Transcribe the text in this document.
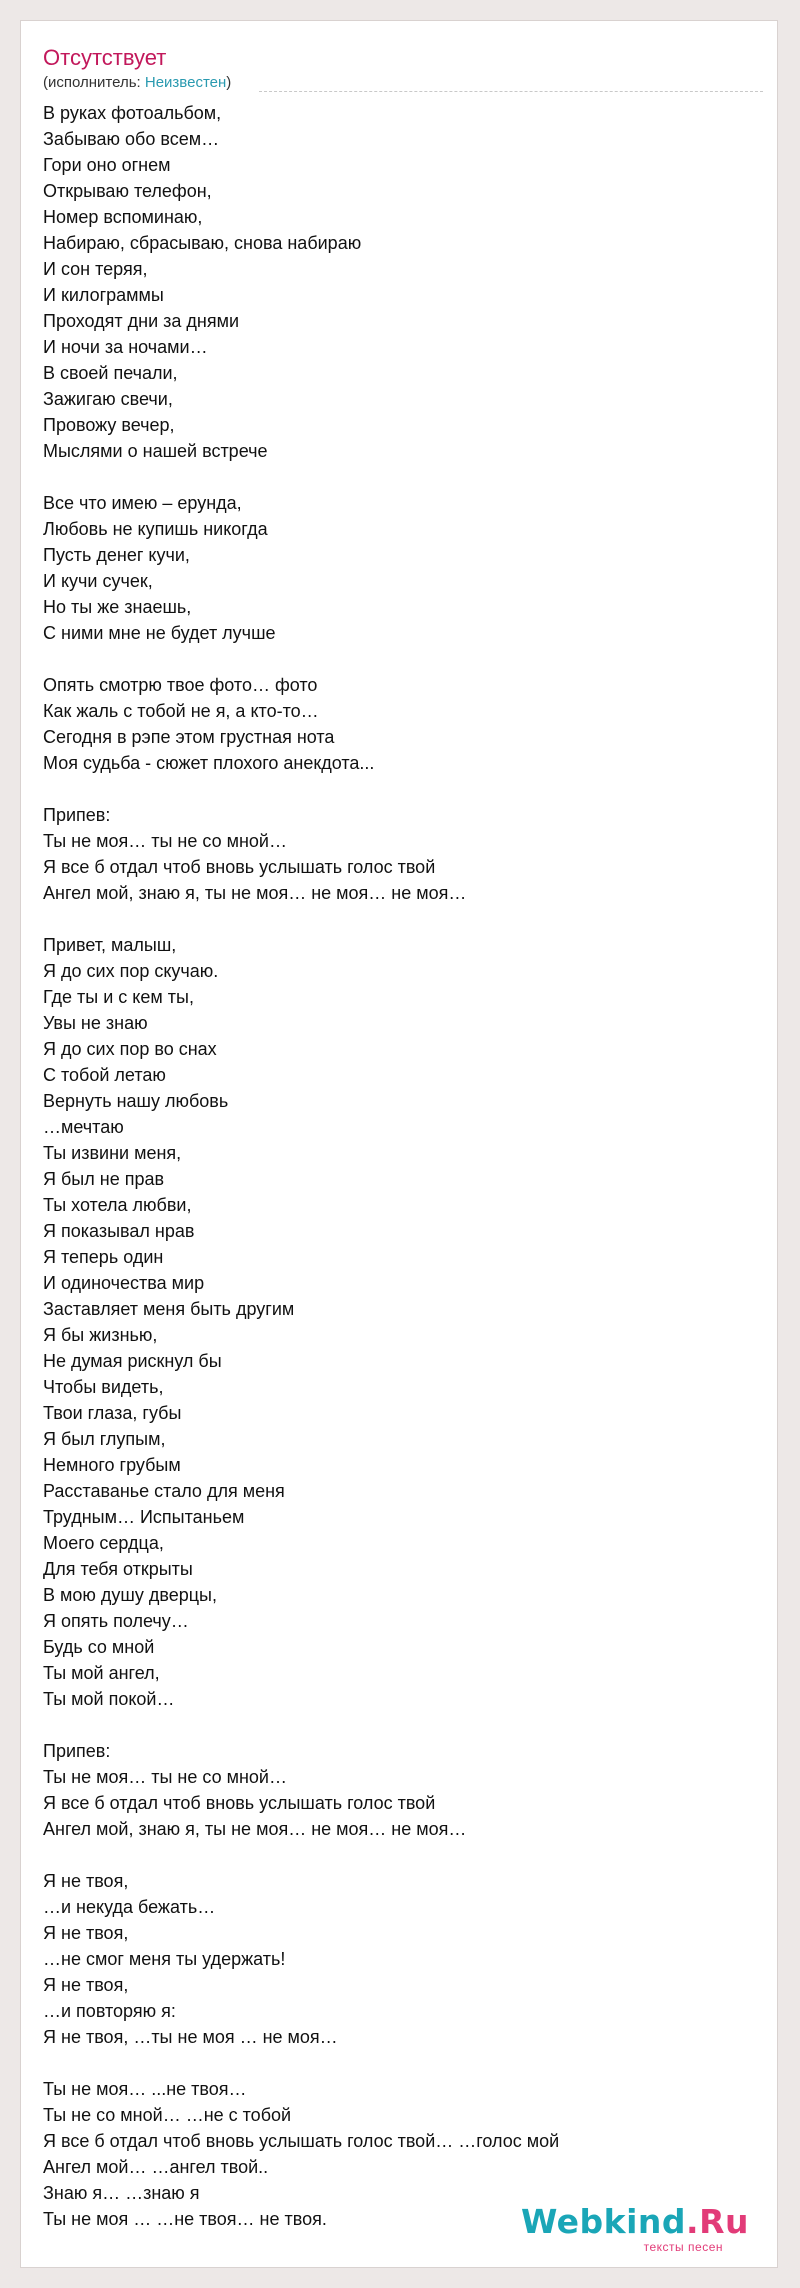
Отсутствует
(исполнитель: Неизвестен)
В руках фотоальбом,
Забываю обо всем…
Гори оно огнем
Открываю телефон,
Номер вспоминаю,
Набираю, сбрасываю, снова набираю
И сон теряя,
И килограммы
Проходят дни за днями
И ночи за ночами…
В своей печали,
Зажигаю свечи,
Провожу вечер,
Мыслями о нашей встрече
Все что имею – ерунда,
Любовь не купишь никогда
Пусть денег кучи,
И кучи сучек,
Но ты же знаешь,
С ними мне не будет лучше
Опять смотрю твое фото… фото
Как жаль с тобой не я, а кто-то…
Сегодня в рэпе этом грустная нота
Моя судьба - сюжет плохого анекдота...
Припев:
Ты не моя… ты не со мной…
Я все б отдал чтоб вновь услышать голос твой
Ангел мой, знаю я, ты не моя… не моя… не моя…
Привет, малыш,
Я до сих пор скучаю.
Где ты и с кем ты,
Увы не знаю
Я до сих пор во снах
С тобой летаю
Вернуть нашу любовь
…мечтаю
Ты извини меня,
Я был не прав
Ты хотела любви,
Я показывал нрав
Я теперь один
И одиночества мир
Заставляет меня быть другим
Я бы жизнью,
Не думая рискнул бы
Чтобы видеть,
Твои глаза, губы
Я был глупым,
Немного грубым
Расставанье стало для меня
Трудным… Испытаньем
Моего сердца,
Для тебя открыты
В мою душу дверцы,
Я опять полечу…
Будь со мной
Ты мой ангел,
Ты мой покой…
Припев:
Ты не моя… ты не со мной…
Я все б отдал чтоб вновь услышать голос твой
Ангел мой, знаю я, ты не моя… не моя… не моя…
Я не твоя,
…и некуда бежать…
Я не твоя,
…не смог меня ты удержать!
Я не твоя,
…и повторяю я:
Я не твоя, …ты не моя … не моя…
Ты не моя… ...не твоя…
Ты не со мной… …не с тобой
Я все б отдал чтоб вновь услышать голос твой… …голос мой
Ангел мой… …ангел твой..
Знаю я… …знаю я
Ты не моя … …не твоя… не твоя.	Webkind.Ru
тексты песен
